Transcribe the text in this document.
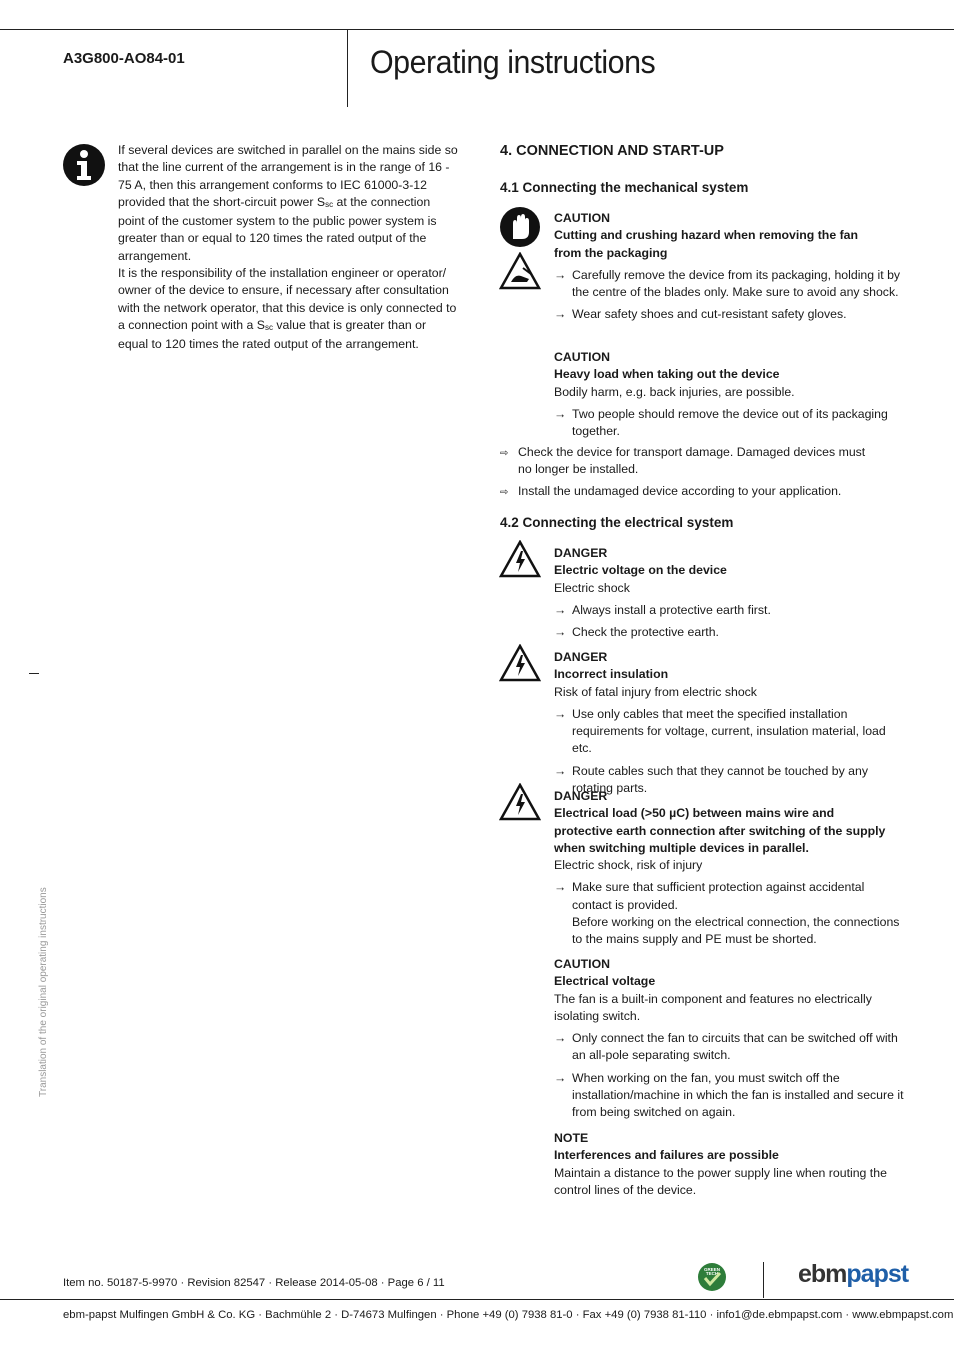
A3G800-AO84-01	Operating instructions

If several devices are switched in parallel on the mains side so that the line current of the arrangement is in the range of 16 - 75 A, then this arrangement conforms to IEC 61000-3-12 provided that the short-circuit power $S_{sc}$ at the connection point of the customer system to the public power system is greater than or equal to 120 times the rated output of the arrangement.

It is the responsibility of the installation engineer or operator/ owner of the device to ensure, if necessary after consultation with the network operator, that this device is only connected to a connection point with a $S_{sc}$ value that is greater than or equal to 120 times the rated output of the arrangement.

4. CONNECTION AND START-UP
4.1 Connecting the mechanical system
CAUTION
Cutting and crushing hazard when removing the fan
from the packaging
→ Carefully remove the device from its packaging, holding it by the centre of the blades only. Make sure to avoid any shock.
→ Wear safety shoes and cut-resistant safety gloves.
CAUTION
Heavy load when taking out the device
Bodily harm, e.g. back injuries, are possible.
→ Two people should remove the device out of its packaging together.
⇨ Check the device for transport damage. Damaged devices must no longer be installed.
⇨ Install the undamaged device according to your application.
4.2 Connecting the electrical system
DANGER
Electric voltage on the device
Electric shock
→ Always install a protective earth first.
→ Check the protective earth.
DANGER
Incorrect insulation
Risk of fatal injury from electric shock
→ Use only cables that meet the specified installation requirements for voltage, current, insulation material, load etc.
→ Route cables such that they cannot be touched by any rotating parts.
DANGER
Electrical load (>50 µC) between mains wire and
protective earth connection after switching of the supply
when switching multiple devices in parallel.
Electric shock, risk of injury
→ Make sure that sufficient protection against accidental contact is provided.
Before working on the electrical connection, the connections to the mains supply and PE must be shorted.
CAUTION
Electrical voltage
The fan is a built-in component and features no electrically isolating switch.
→ Only connect the fan to circuits that can be switched off with an all-pole separating switch.
→ When working on the fan, you must switch off the installation/machine in which the fan is installed and secure it from being switched on again.
NOTE
Interferences and failures are possible
Maintain a distance to the power supply line when routing the control lines of the device.
Translation of the original operating instructions
Item no. 50187-5-9970 · Revision 82547 · Release 2014-05-08 · Page 6 / 11
GREEN
TECH	ebmpapst
ebm-papst Mulfingen GmbH & Co. KG · Bachmühle 2 · D-74673 Mulfingen · Phone +49 (0) 7938 81-0 · Fax +49 (0) 7938 81-110 · info1@de.ebmpapst.com · www.ebmpapst.com
